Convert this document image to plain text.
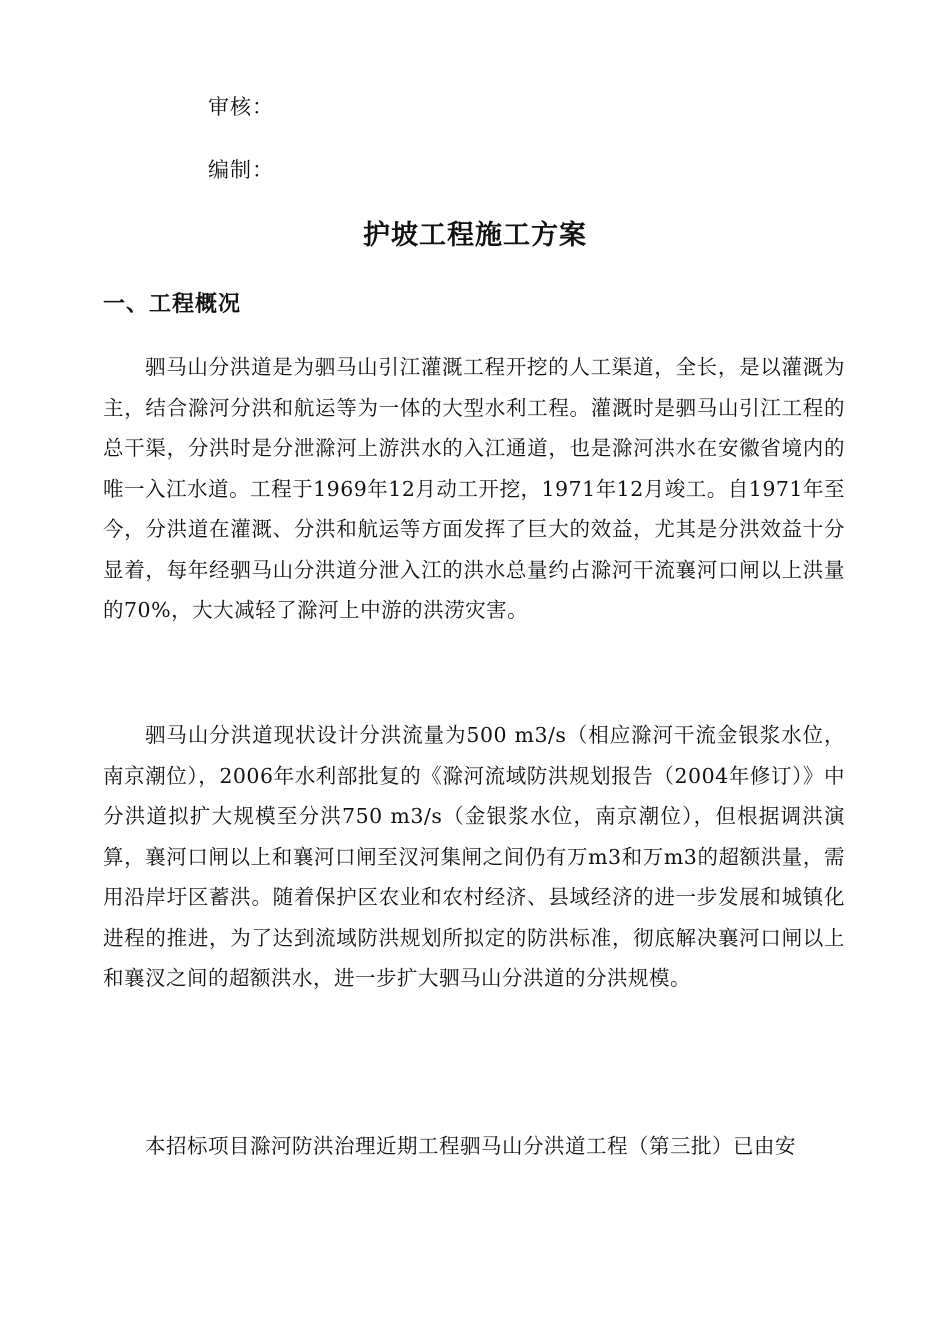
审核：
编制：
护坡工程施工方案
一、工程概况
驷马山分洪道是为驷马山引江灌溉工程开挖的人工渠道，全长，是以灌溉为主，结合滁河分洪和航运等为一体的大型水利工程。灌溉时是驷马山引江工程的总干渠，分洪时是分泄滁河上游洪水的入江通道，也是滁河洪水在安徽省境内的唯一入江水道。工程于1969年12月动工开挖，1971年12月竣工。自1971年至今，分洪道在灌溉、分洪和航运等方面发挥了巨大的效益，尤其是分洪效益十分显着，每年经驷马山分洪道分泄入江的洪水总量约占滁河干流襄河口闸以上洪量的70%，大大减轻了滁河上中游的洪涝灾害。
驷马山分洪道现状设计分洪流量为500 m3/s（相应滁河干流金银浆水位，南京潮位），2006年水利部批复的《滁河流域防洪规划报告（2004年修订）》中分洪道拟扩大规模至分洪750 m3/s（金银浆水位，南京潮位），但根据调洪演算，襄河口闸以上和襄河口闸至汊河集闸之间仍有万m3和万m3的超额洪量，需用沿岸圩区蓄洪。随着保护区农业和农村经济、县域经济的进一步发展和城镇化进程的推进，为了达到流域防洪规划所拟定的防洪标准，彻底解决襄河口闸以上和襄汊之间的超额洪水，进一步扩大驷马山分洪道的分洪规模。
本招标项目滁河防洪治理近期工程驷马山分洪道工程（第三批）已由安
